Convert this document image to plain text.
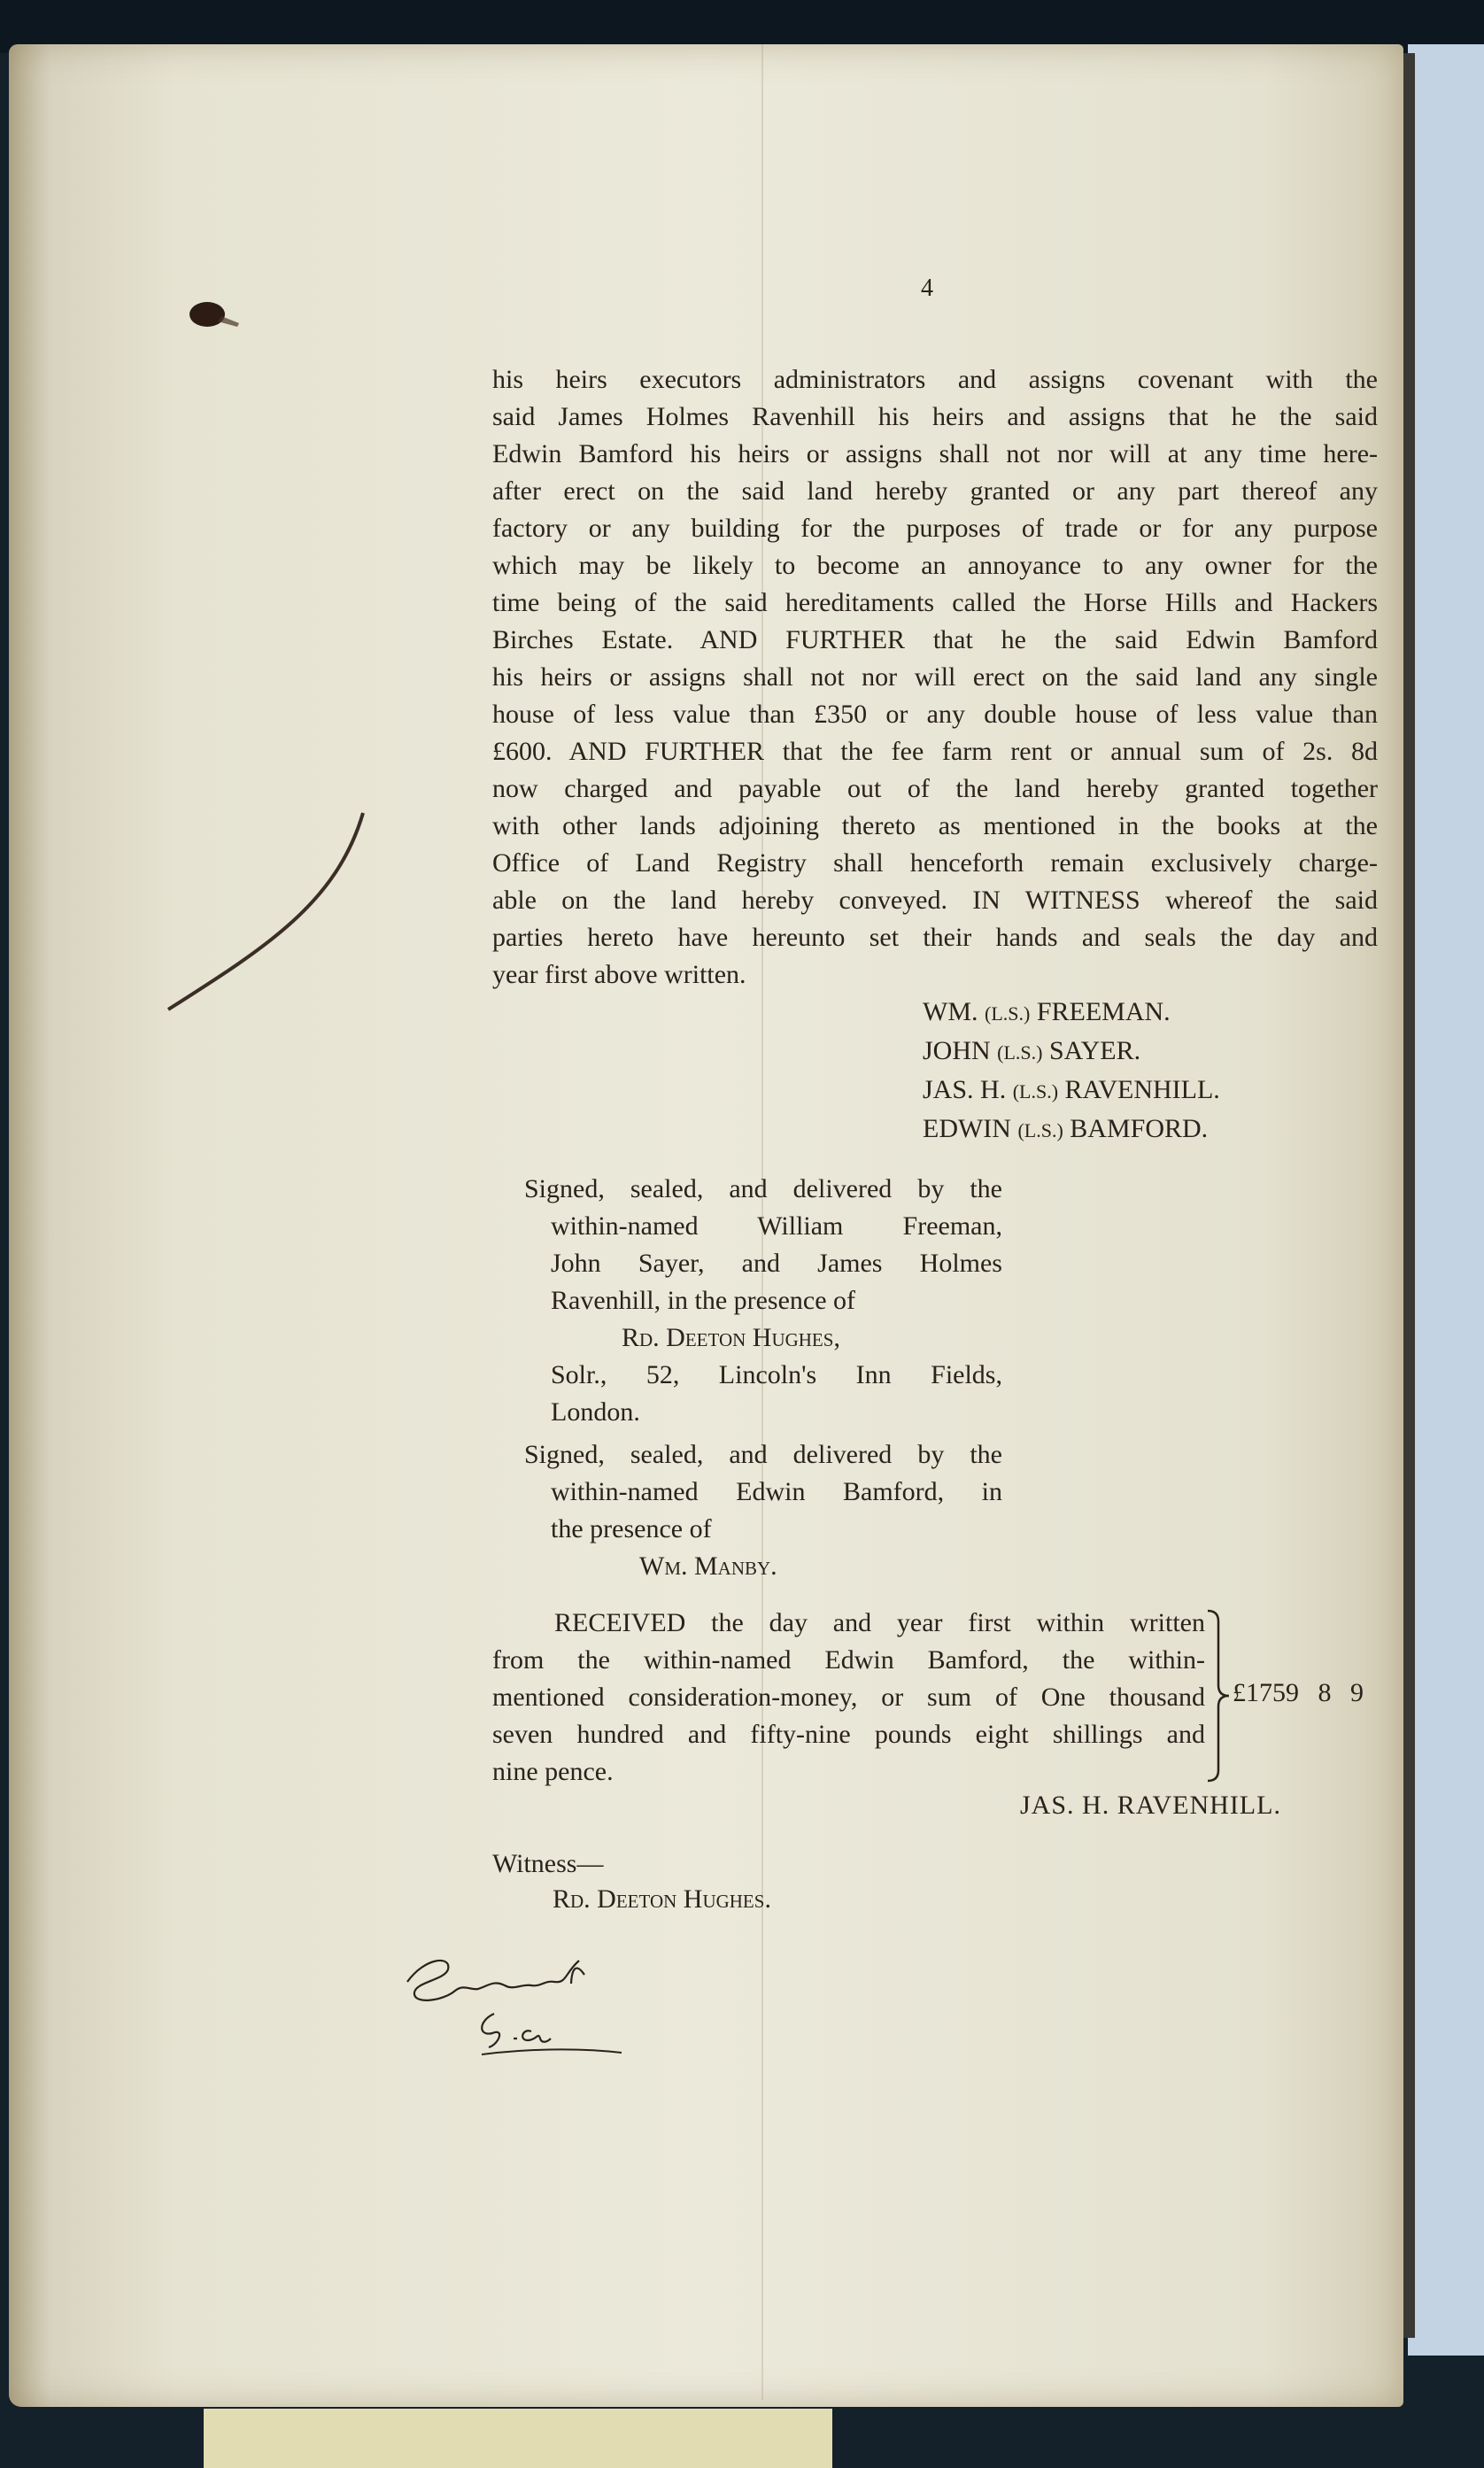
4
his heirs executors administrators and assigns covenant with the
said James Holmes Ravenhill his heirs and assigns that he the said
Edwin Bamford his heirs or assigns shall not nor will at any time here-
after erect on the said land hereby granted or any part thereof any
factory or any building for the purposes of trade or for any purpose
which may be likely to become an annoyance to any owner for the
time being of the said hereditaments called the Horse Hills and Hackers
Birches Estate. AND FURTHER that he the said Edwin Bamford
his heirs or assigns shall not nor will erect on the said land any single
house of less value than £350 or any double house of less value than
£600. AND FURTHER that the fee farm rent or annual sum of 2s. 8d
now charged and payable out of the land hereby granted together
with other lands adjoining thereto as mentioned in the books at the
Office of Land Registry shall henceforth remain exclusively charge-
able on the land hereby conveyed. IN WITNESS whereof the said
parties hereto have hereunto set their hands and seals the day and
year first above written.
WM. (L.S.) FREEMAN.
JOHN (L.S.) SAYER.
JAS. H. (L.S.) RAVENHILL.
EDWIN (L.S.) BAMFORD.
Signed, sealed, and delivered by the
within-named William Freeman,
John Sayer, and James Holmes
Ravenhill, in the presence of
Rd. Deeton Hughes,
Solr., 52, Lincoln's Inn Fields,
London.
Signed, sealed, and delivered by the
within-named Edwin Bamford, in
the presence of
Wm. Manby.
RECEIVED the day and year first within written
from the within-named Edwin Bamford, the within-
mentioned consideration-money, or sum of One thousand
seven hundred and fifty-nine pounds eight shillings and
nine pence.
£1759 8 9
JAS. H. RAVENHILL.
Witness—
Rd. Deeton Hughes.
